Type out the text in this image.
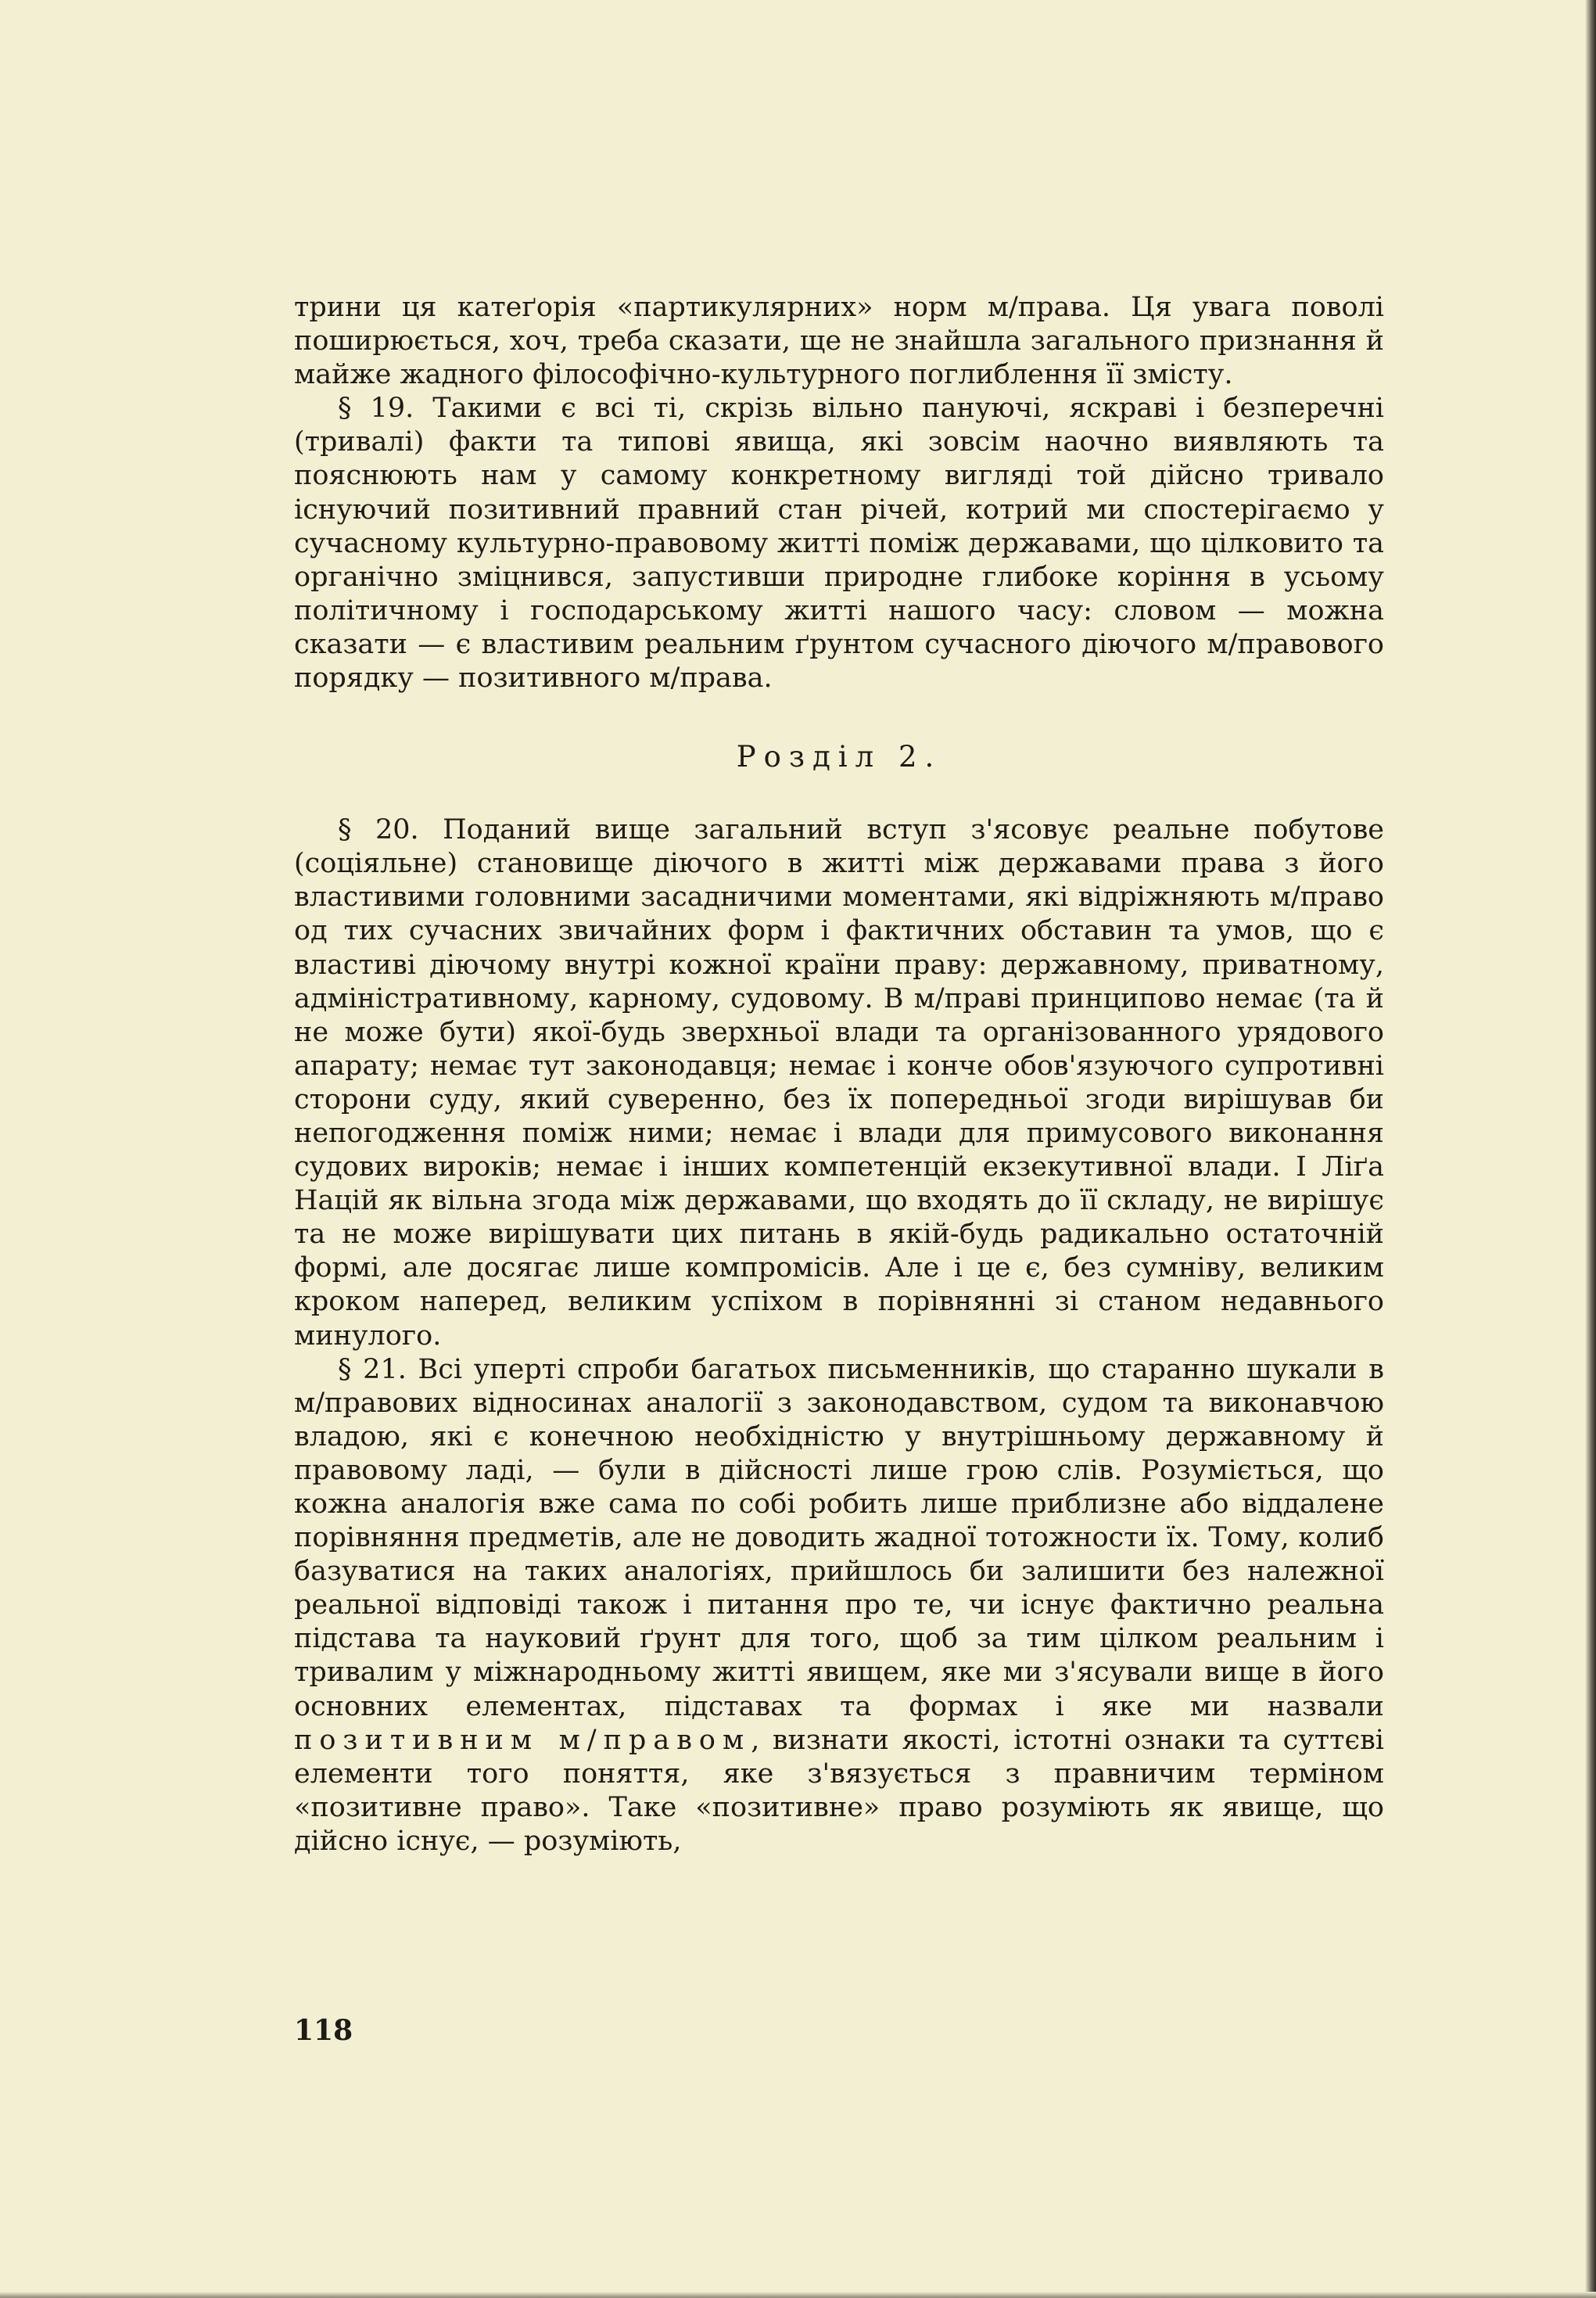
трини ця катеґорія «партикулярних» норм м/права. Ця увага поволі поширюється, хоч, треба сказати, ще не знайшла загального признання й майже жадного філософічно-культурного поглиблення її змісту.

§ 19. Такими є всі ті, скрізь вільно пануючі, яскраві і безперечні (тривалі) факти та типові явища, які зовсім наочно виявляють та пояснюють нам у самому конкретному вигляді той дійсно тривало існуючий позитивний правний стан річей, котрий ми спостерігаємо у сучасному культурно-правовому житті поміж державами, що цілковито та органічно зміцнився, запустивши природне глибоке коріння в усьому політичному і господарському житті нашого часу: словом — можна сказати — є властивим реальним ґрунтом сучасного діючого м/правового порядку — позитивного м/права.

Розділ 2.

§ 20. Поданий вище загальний вступ з'ясовує реальне побутове (соціяльне) становище діючого в житті між державами права з його властивими головними засадничими моментами, які відріжняють м/право од тих сучасних звичайних форм і фактичних обставин та умов, що є властиві діючому внутрі кожної країни праву: державному, приватному, адміністративному, карному, судовому. В м/праві принципово немає (та й не може бути) якої-будь зверхньої влади та організованного урядового апарату; немає тут законодавця; немає і конче обов'язуючого супротивні сторони суду, який суверенно, без їх попередньої згоди вирішував би непогодження поміж ними; немає і влади для примусового виконання судових вироків; немає і інших компетенцій екзекутивної влади. І Ліґа Націй як вільна згода між державами, що входять до її складу, не вирішує та не може вирішувати цих питань в якій-будь радикально остаточній формі, але досягає лише компромісів. Але і це є, без сумніву, великим кроком наперед, великим успіхом в порівнянні зі станом недавнього минулого.

§ 21. Всі уперті спроби багатьох письменників, що старанно шукали в м/правових відносинах аналогії з законодавством, судом та виконавчою владою, які є конечною необхідністю у внутрішньому державному й правовому ладі, — були в дійсності лише грою слів. Розуміється, що кожна аналогія вже сама по собі робить лише приблизне або віддалене порівняння предметів, але не доводить жадної тотожности їх. Тому, колиб базуватися на таких аналогіях, прийшлось би залишити без належної реальної відповіді також і питання про те, чи існує фактично реальна підстава та науковий ґрунт для того, щоб за тим цілком реальним і тривалим у міжнародньому житті явищем, яке ми з'ясували вище в його основних елементах, підставах та формах і яке ми назвали позитивним м/правом, визнати якості, істотні ознаки та суттєві елементи того поняття, яке з'вязується з правничим терміном «позитивне право». Таке «позитивне» право розуміють як явище, що дійсно існує, — розуміють,

118
